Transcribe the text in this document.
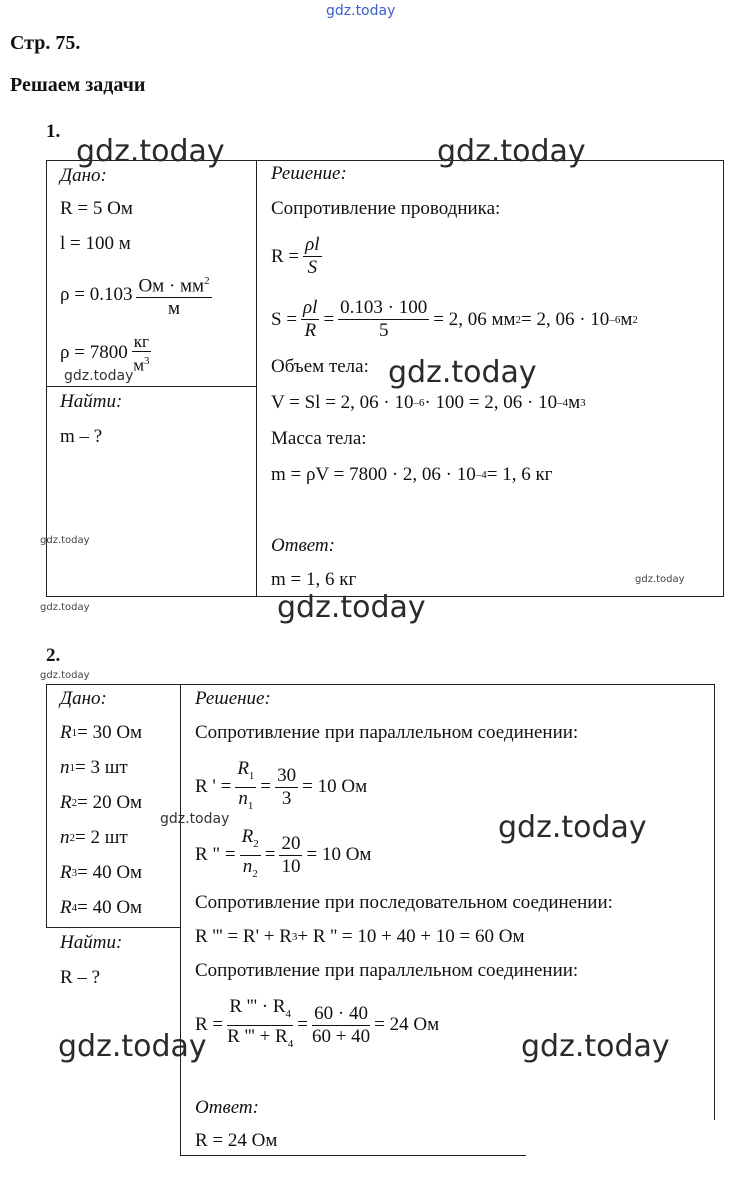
gdz.today
Стр. 75.
Решаем задачи
1.
Дано :
R = 5 Ом
l = 100 м
$\rho = 0.103 \frac{Ом \cdot мм^2}{м}$
$\rho = 7800 \frac{кг}{м^3}$
Найти :
m – ?
Решение :
Сопротивление проводника:
$R = \frac{\rho l}{S}$
$S = \frac{\rho l}{R} = \frac{0.103 \cdot 100}{5} = 2$, 06 мм 2 = 2, 06 · 10 –6 м 2
Объем тела:
V = Sl = 2, 06 · 10 –6 · 100 = 2, 06 · 10 –4 м 3
Масса тела:
m = ρV = 7800 · 2, 06 · 10 –4 = 1, 6 кг
Ответ :
m = 1, 6 кг
2.
Дано :
R 1 = 30 Ом
n 1 = 3 шт
R 2 = 20 Ом
n 2 = 2 шт
R 3 = 40 Ом
R 4 = 40 Ом
Найти :
R – ?
Решение :
Сопротивление при параллельном соединении:
R ' = $\frac{R_1}{n_1} = \frac{30}{3} = 10$ Ом
R " = $\frac{R_2}{n_2} = \frac{20}{10} = 10$ Ом
Сопротивление при последовательном соединении:
R ''' = R' + R 3 + R '' = 10 + 40 + 10 = 60 Ом
Сопротивление при параллельном соединении:
$R = \frac{R ''' \cdot R_4}{R ''' + R_4} = \frac{60 \cdot 40}{60 + 40} = 24$ Ом
Ответ :
R = 24 Ом
gdz.today	gdz.today
gdz.today
gdz.today
gdz.today
gdz.today	gdz.today
gdz.today
gdz.today
gdz.today
gdz.today
gdz.today
gdz.today
